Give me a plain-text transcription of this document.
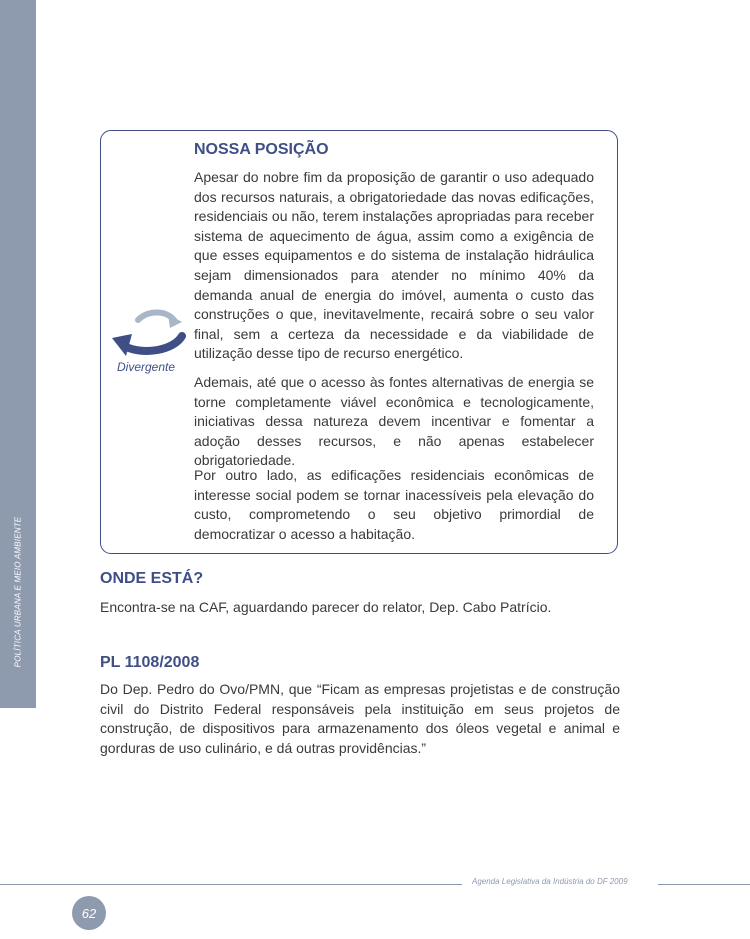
POLÍTICA URBANA E MEIO AMBIENTE
NOSSA POSIÇÃO
Divergente

Apesar do nobre fim da proposição de garantir o uso adequado dos recursos naturais, a obrigatoriedade das novas edificações, residenciais ou não, terem instalações apropriadas para receber sistema de aquecimento de água, assim como a exigência de que esses equipamentos e do sistema de instalação hidráulica sejam dimensionados para atender no mínimo 40% da demanda anual de energia do imóvel, aumenta o custo das construções o que, inevitavelmente, recairá sobre o seu valor final, sem a certeza da necessidade e da viabilidade de utilização desse tipo de recurso energético.

Ademais, até que o acesso às fontes alternativas de energia se torne completamente viável econômica e tecnologicamente, iniciativas dessa natureza devem incentivar e fomentar a adoção desses recursos, e não apenas estabelecer obrigatoriedade.

Por outro lado, as edificações residenciais econômicas de interesse social podem se tornar inacessíveis pela elevação do custo, comprometendo o seu objetivo primordial de democratizar o acesso a habitação.

ONDE ESTÁ?

Encontra-se na CAF, aguardando parecer do relator, Dep. Cabo Patrício.

PL 1108/2008

Do Dep. Pedro do Ovo/PMN, que “Ficam as empresas projetistas e de construção civil do Distrito Federal responsáveis pela instituição em seus projetos de construção, de dispositivos para armazenamento dos óleos vegetal e animal e gorduras de uso culinário, e dá outras providências.”

Agenda Legislativa da Indústria do DF 2009
62
